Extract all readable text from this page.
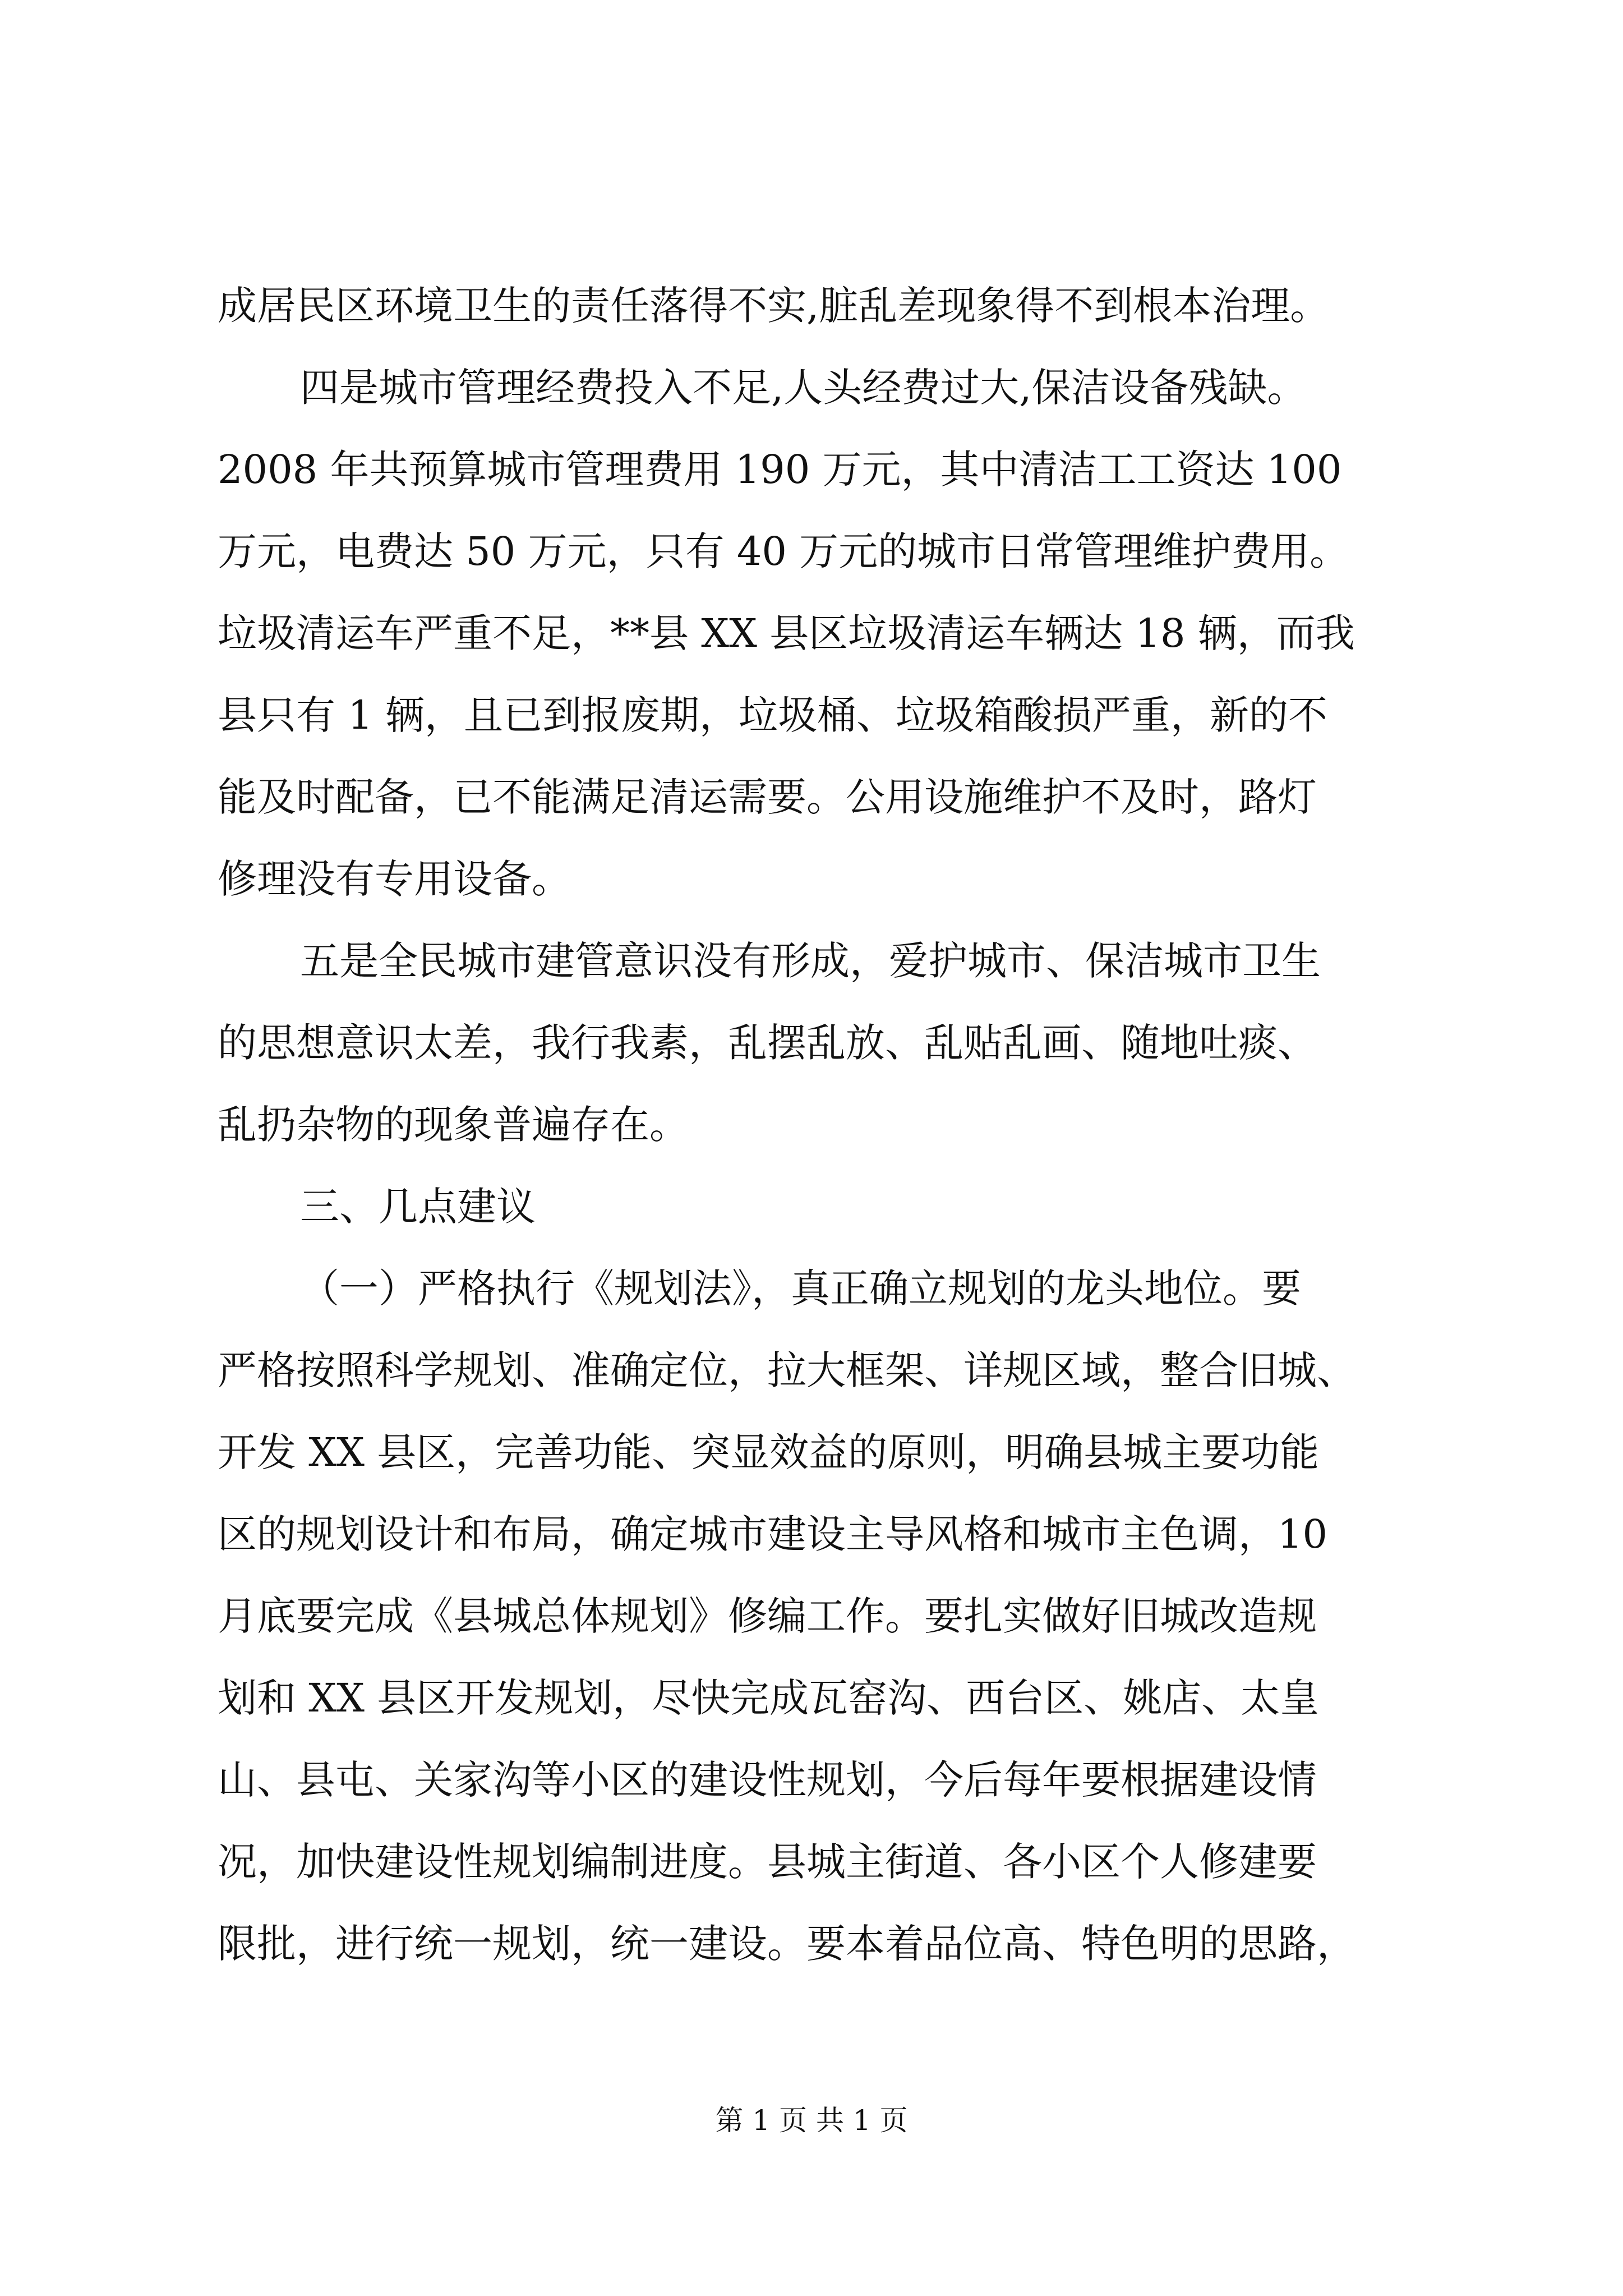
成居民区环境卫生的责任落得不实,脏乱差现象得不到根本治理。
四是城市管理经费投入不足,人头经费过大,保洁设备残缺。
2008 年共预算城市管理费用 190 万元，其中清洁工工资达 100
万元，电费达 50 万元，只有 40 万元的城市日常管理维护费用。
垃圾清运车严重不足，**县 XX 县区垃圾清运车辆达 18 辆，而我
县只有 1 辆，且已到报废期，垃圾桶、垃圾箱酸损严重，新的不
能及时配备，已不能满足清运需要。公用设施维护不及时，路灯
修理没有专用设备。
五是全民城市建管意识没有形成，爱护城市、保洁城市卫生
的思想意识太差，我行我素，乱摆乱放、乱贴乱画、随地吐痰、
乱扔杂物的现象普遍存在。
三、几点建议
（一）严格执行《规划法》，真正确立规划的龙头地位。要
严格按照科学规划、准确定位，拉大框架、详规区域，整合旧城、
开发 XX 县区，完善功能、突显效益的原则，明确县城主要功能
区的规划设计和布局，确定城市建设主导风格和城市主色调，10
月底要完成《县城总体规划》修编工作。要扎实做好旧城改造规
划和 XX 县区开发规划，尽快完成瓦窑沟、西台区、姚店、太皇
山、县屯、关家沟等小区的建设性规划，今后每年要根据建设情
况，加快建设性规划编制进度。县城主街道、各小区个人修建要
限批，进行统一规划，统一建设。要本着品位高、特色明的思路，
第 1 页 共 1 页
